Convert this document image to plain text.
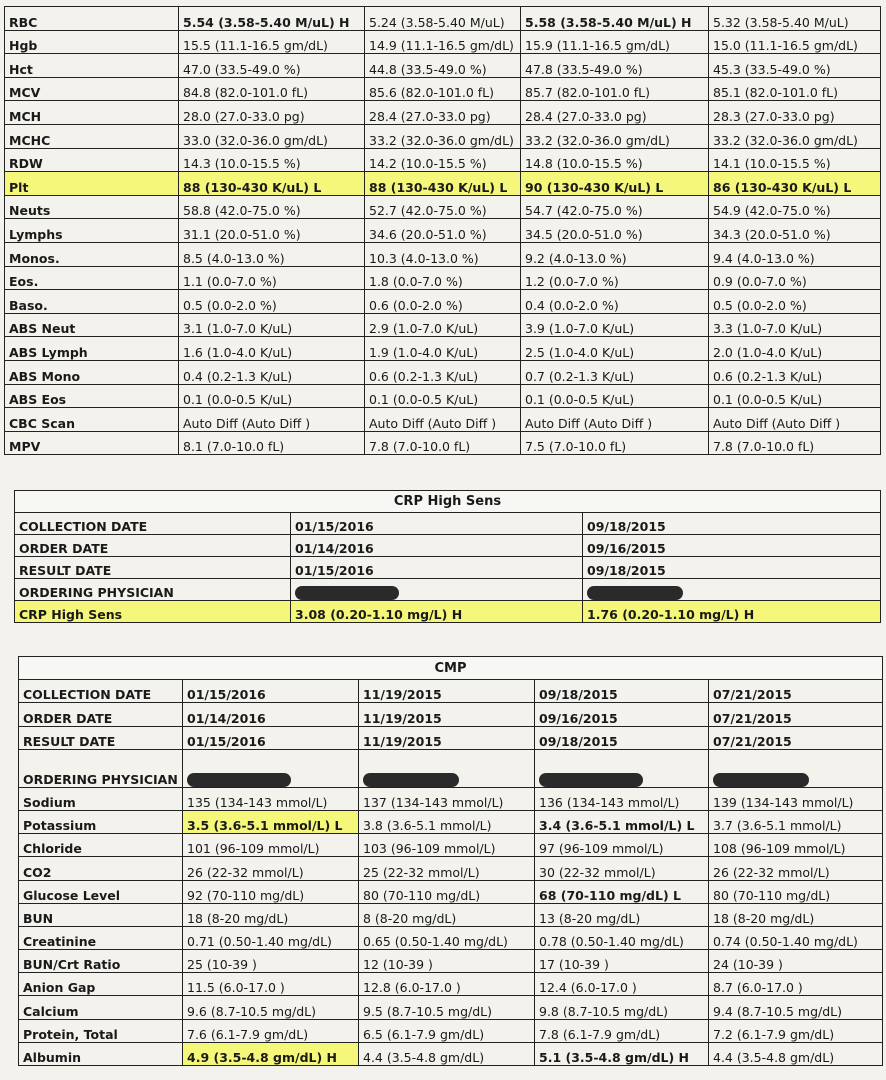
RBC	5.54 (3.58-5.40 M/uL) H	5.24 (3.58-5.40 M/uL)	5.58 (3.58-5.40 M/uL) H	5.32 (3.58-5.40 M/uL)
Hgb	15.5 (11.1-16.5 gm/dL)	14.9 (11.1-16.5 gm/dL)	15.9 (11.1-16.5 gm/dL)	15.0 (11.1-16.5 gm/dL)
Hct	47.0 (33.5-49.0 %)	44.8 (33.5-49.0 %)	47.8 (33.5-49.0 %)	45.3 (33.5-49.0 %)
MCV	84.8 (82.0-101.0 fL)	85.6 (82.0-101.0 fL)	85.7 (82.0-101.0 fL)	85.1 (82.0-101.0 fL)
MCH	28.0 (27.0-33.0 pg)	28.4 (27.0-33.0 pg)	28.4 (27.0-33.0 pg)	28.3 (27.0-33.0 pg)
MCHC	33.0 (32.0-36.0 gm/dL)	33.2 (32.0-36.0 gm/dL)	33.2 (32.0-36.0 gm/dL)	33.2 (32.0-36.0 gm/dL)
RDW	14.3 (10.0-15.5 %)	14.2 (10.0-15.5 %)	14.8 (10.0-15.5 %)	14.1 (10.0-15.5 %)
Plt	88 (130-430 K/uL) L	88 (130-430 K/uL) L	90 (130-430 K/uL) L	86 (130-430 K/uL) L
Neuts	58.8 (42.0-75.0 %)	52.7 (42.0-75.0 %)	54.7 (42.0-75.0 %)	54.9 (42.0-75.0 %)
Lymphs	31.1 (20.0-51.0 %)	34.6 (20.0-51.0 %)	34.5 (20.0-51.0 %)	34.3 (20.0-51.0 %)
Monos.	8.5 (4.0-13.0 %)	10.3 (4.0-13.0 %)	9.2 (4.0-13.0 %)	9.4 (4.0-13.0 %)
Eos.	1.1 (0.0-7.0 %)	1.8 (0.0-7.0 %)	1.2 (0.0-7.0 %)	0.9 (0.0-7.0 %)
Baso.	0.5 (0.0-2.0 %)	0.6 (0.0-2.0 %)	0.4 (0.0-2.0 %)	0.5 (0.0-2.0 %)
ABS Neut	3.1 (1.0-7.0 K/uL)	2.9 (1.0-7.0 K/uL)	3.9 (1.0-7.0 K/uL)	3.3 (1.0-7.0 K/uL)
ABS Lymph	1.6 (1.0-4.0 K/uL)	1.9 (1.0-4.0 K/uL)	2.5 (1.0-4.0 K/uL)	2.0 (1.0-4.0 K/uL)
ABS Mono	0.4 (0.2-1.3 K/uL)	0.6 (0.2-1.3 K/uL)	0.7 (0.2-1.3 K/uL)	0.6 (0.2-1.3 K/uL)
ABS Eos	0.1 (0.0-0.5 K/uL)	0.1 (0.0-0.5 K/uL)	0.1 (0.0-0.5 K/uL)	0.1 (0.0-0.5 K/uL)
CBC Scan	Auto Diff (Auto Diff )	Auto Diff (Auto Diff )	Auto Diff (Auto Diff )	Auto Diff (Auto Diff )
MPV	8.1 (7.0-10.0 fL)	7.8 (7.0-10.0 fL)	7.5 (7.0-10.0 fL)	7.8 (7.0-10.0 fL)
CRP High Sens		
COLLECTION DATE	01/15/2016	09/18/2015
ORDER DATE	01/14/2016	09/16/2015
RESULT DATE	01/15/2016	09/18/2015
ORDERING PHYSICIAN		
CRP High Sens	3.08 (0.20-1.10 mg/L) H	1.76 (0.20-1.10 mg/L) H
CMP				
COLLECTION DATE	01/15/2016	11/19/2015	09/18/2015	07/21/2015
ORDER DATE	01/14/2016	11/19/2015	09/16/2015	07/21/2015
RESULT DATE	01/15/2016	11/19/2015	09/18/2015	07/21/2015
ORDERING PHYSICIAN				
Sodium	135 (134-143 mmol/L)	137 (134-143 mmol/L)	136 (134-143 mmol/L)	139 (134-143 mmol/L)
Potassium	3.5 (3.6-5.1 mmol/L) L	3.8 (3.6-5.1 mmol/L)	3.4 (3.6-5.1 mmol/L) L	3.7 (3.6-5.1 mmol/L)
Chloride	101 (96-109 mmol/L)	103 (96-109 mmol/L)	97 (96-109 mmol/L)	108 (96-109 mmol/L)
CO2	26 (22-32 mmol/L)	25 (22-32 mmol/L)	30 (22-32 mmol/L)	26 (22-32 mmol/L)
Glucose Level	92 (70-110 mg/dL)	80 (70-110 mg/dL)	68 (70-110 mg/dL) L	80 (70-110 mg/dL)
BUN	18 (8-20 mg/dL)	8 (8-20 mg/dL)	13 (8-20 mg/dL)	18 (8-20 mg/dL)
Creatinine	0.71 (0.50-1.40 mg/dL)	0.65 (0.50-1.40 mg/dL)	0.78 (0.50-1.40 mg/dL)	0.74 (0.50-1.40 mg/dL)
BUN/Crt Ratio	25 (10-39 )	12 (10-39 )	17 (10-39 )	24 (10-39 )
Anion Gap	11.5 (6.0-17.0 )	12.8 (6.0-17.0 )	12.4 (6.0-17.0 )	8.7 (6.0-17.0 )
Calcium	9.6 (8.7-10.5 mg/dL)	9.5 (8.7-10.5 mg/dL)	9.8 (8.7-10.5 mg/dL)	9.4 (8.7-10.5 mg/dL)
Protein, Total	7.6 (6.1-7.9 gm/dL)	6.5 (6.1-7.9 gm/dL)	7.8 (6.1-7.9 gm/dL)	7.2 (6.1-7.9 gm/dL)
Albumin	4.9 (3.5-4.8 gm/dL) H	4.4 (3.5-4.8 gm/dL)	5.1 (3.5-4.8 gm/dL) H	4.4 (3.5-4.8 gm/dL)
